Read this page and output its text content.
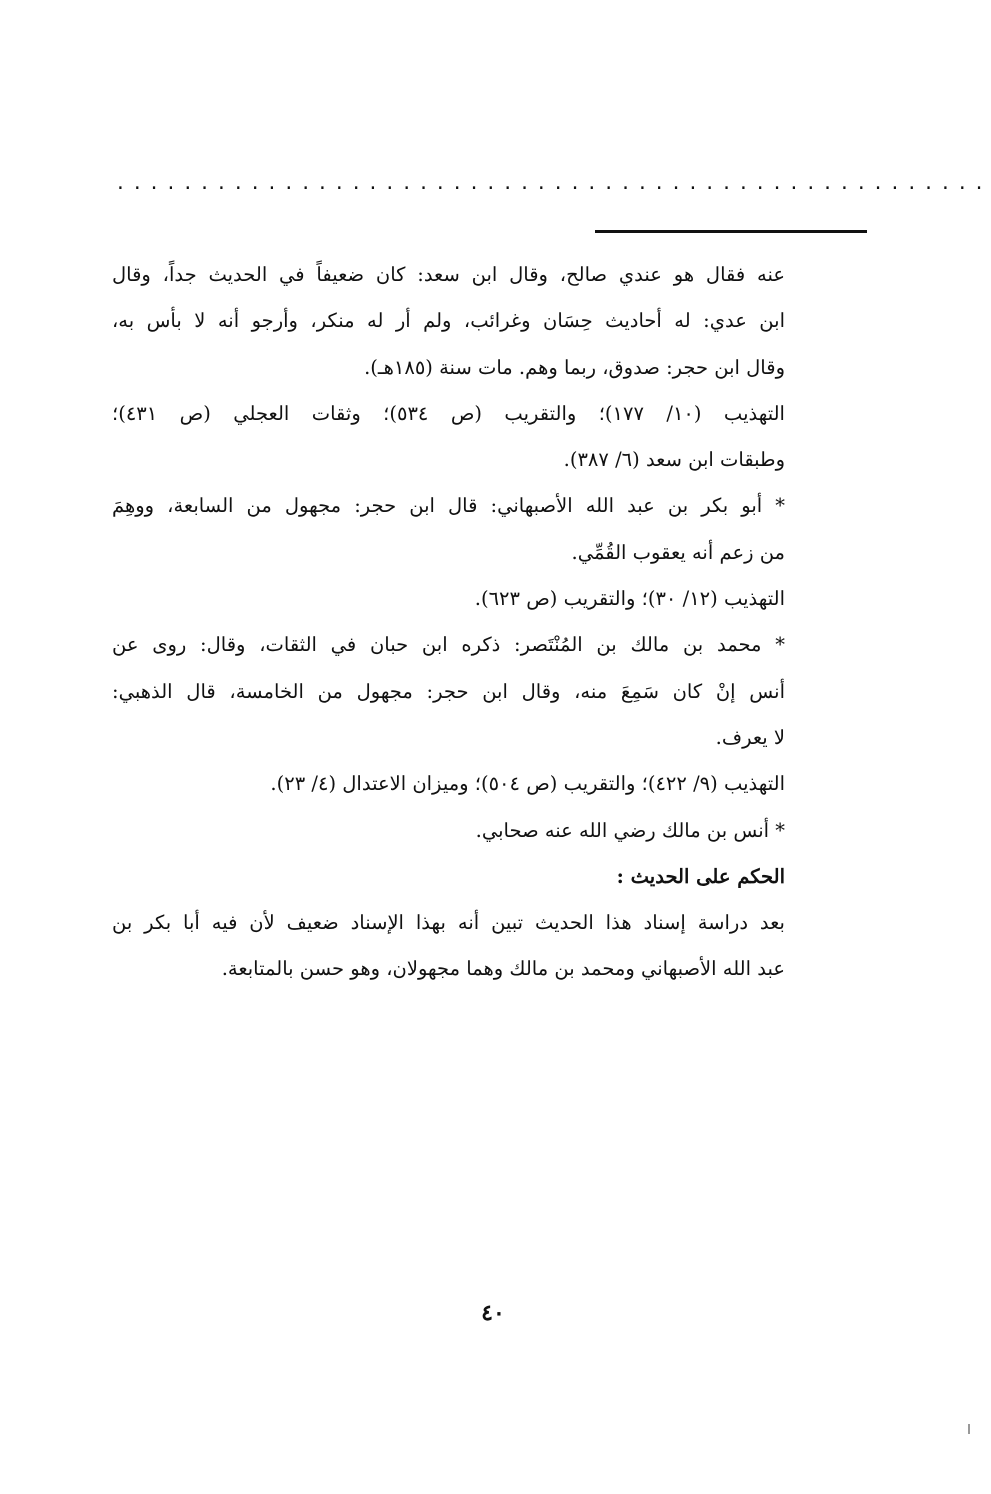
....................................................
عنه فقال هو عندي صالح، وقال ابن سعد: كان ضعيفاً في الحديث جداً، وقال
ابن عدي: له أحاديث حِسَان وغرائب، ولم أر له منكر، وأرجو أنه لا بأس به،
وقال ابن حجر: صدوق، ربما وهم. مات سنة (١٨٥هـ).
التهذيب (١٠/ ١٧٧)؛ والتقريب (ص ٥٣٤)؛ وثقات العجلي (ص ٤٣١)؛
وطبقات ابن سعد (٦/ ٣٨٧).
* أبو بكر بن عبد الله الأصبهاني: قال ابن حجر: مجهول من السابعة، ووهِمَ
من زعم أنه يعقوب القُمِّي.
التهذيب (١٢/ ٣٠)؛ والتقريب (ص ٦٢٣).
* محمد بن مالك بن المُنْتَصر: ذكره ابن حبان في الثقات، وقال: روى عن
أنس إنْ كان سَمِعَ منه، وقال ابن حجر: مجهول من الخامسة، قال الذهبي:
لا يعرف.
التهذيب (٩/ ٤٢٢)؛ والتقريب (ص ٥٠٤)؛ وميزان الاعتدال (٤/ ٢٣).
* أنس بن مالك رضي الله عنه صحابي.
الحكم على الحديث :
بعد دراسة إسناد هذا الحديث تبين أنه بهذا الإسناد ضعيف لأن فيه أبا بكر بن
عبد الله الأصبهاني ومحمد بن مالك وهما مجهولان، وهو حسن بالمتابعة.
٤٠
